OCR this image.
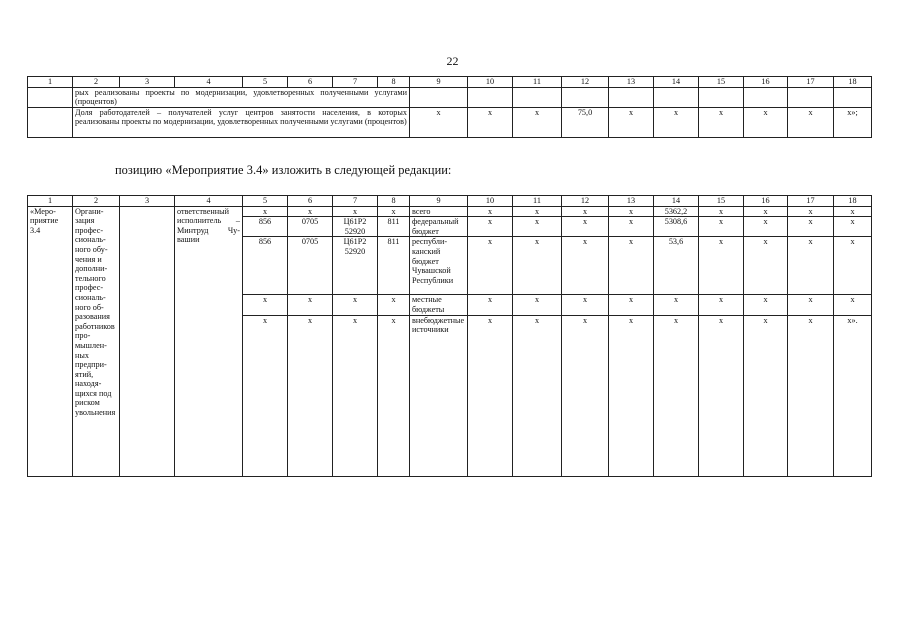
22
1	2	3	4	5	6	7	8	9	10	11	12	13	14	15	16	17	18
	рых реализованы проекты по модернизации, удовлетворенных полученными услугами (процентов)																
	Доля работодателей – получателей услуг центров занятости населения, в которых реализованы проекты по модернизации, удовлетворенных полученными услугами (процентов)							x	x	x	75,0	x	x	x	x	x	x»;
позицию «Мероприятие 3.4» изложить в следующей редакции:
1	2	3	4	5	6	7	8	9	10	11	12	13	14	15	16	17	18
«Мероприятие 3.4	Организация профессионального обучения и дополнительного профессионального образования работников промышленных предприятий, находящихся под риском увольнения		ответственный исполнитель – Минтруд Чувашии	x	x	x	x	всего	x	x	x	x	5362,2	x	x	x	x
				856	0705	Ц61Р2 52920	811	федеральный бюджет	x	x	x	x	5308,6	x	x	x	x
				856	0705	Ц61Р2 52920	811	республиканский бюджет Чувашской Республики	x	x	x	x	53,6	x	x	x	x
				x	x	x	x	местные бюджеты	x	x	x	x	x	x	x	x	x
				x	x	x	x	внебюджетные источники	x	x	x	x	x	x	x	x	x».
